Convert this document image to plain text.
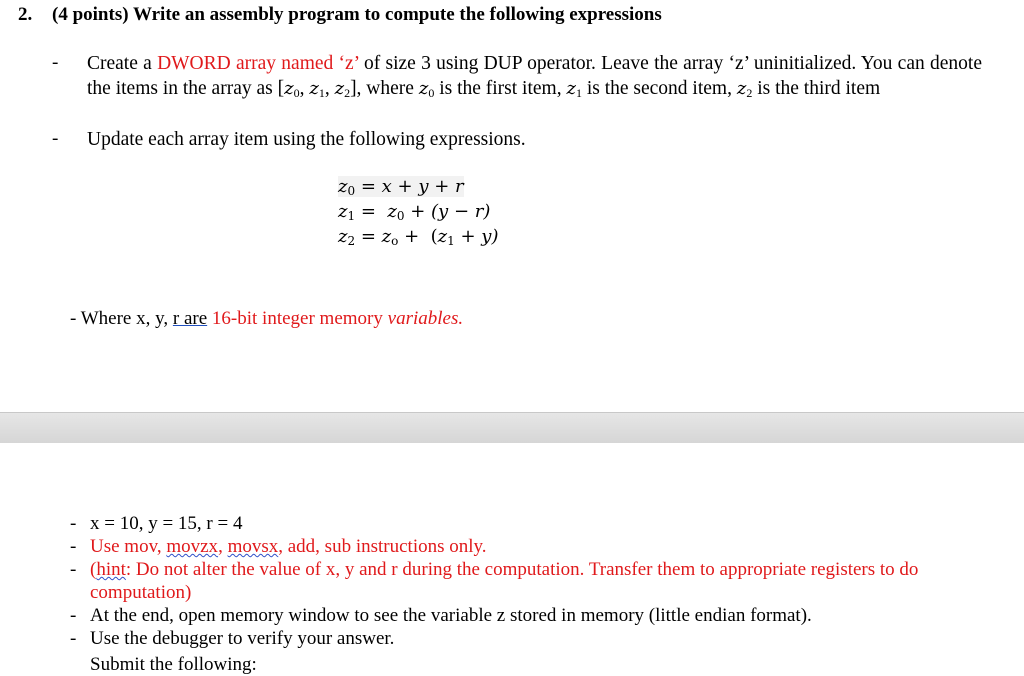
2. (4 points) Write an assembly program to compute the following expressions
- Create a DWORD array named ‘z’ of size 3 using DUP operator. Leave the array ‘z’ uninitialized. You can denote the items in the array as [$z_0$, $z_1$, $z_2$], where $z_0$ is the first item, $z_1$ is the second item, $z_2$ is the third item
- Update each array item using the following expressions.
$z_0 = x + y + r$
$z_1 = z_0 + (y - r)$
$z_2 = z_o + (z_1 + y)$
- Where x, y, r are 16-bit integer memory variables.
- x = 10, y = 15, r = 4
- Use mov, movzx, movsx, add, sub instructions only.
- (hint: Do not alter the value of x, y and r during the computation. Transfer them to appropriate registers to do computation)
- At the end, open memory window to see the variable z stored in memory (little endian format).
- Use the debugger to verify your answer.
Submit the following:
